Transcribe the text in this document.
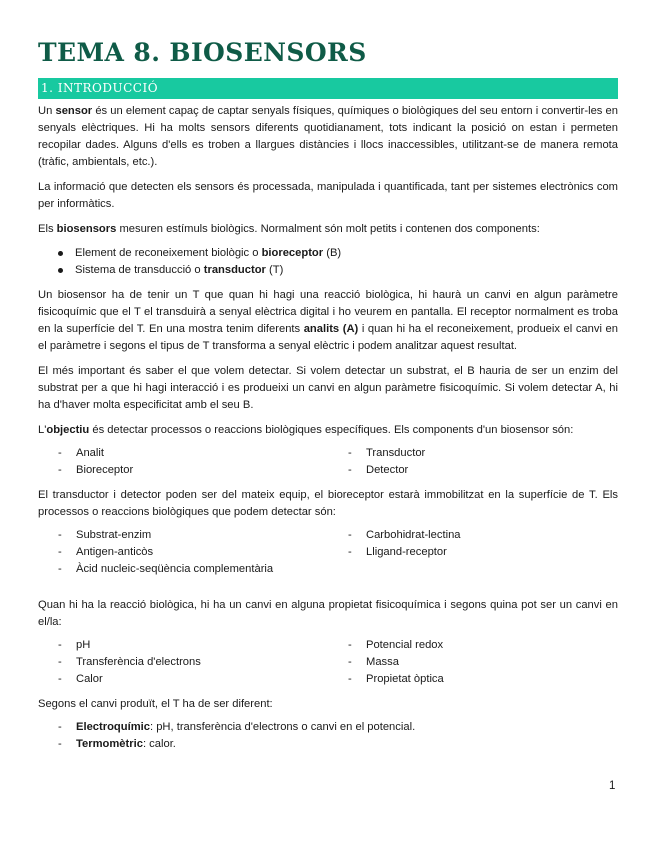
TEMA 8. BIOSENSORS
1. INTRODUCCIÓ

Un sensor és un element capaç de captar senyals físiques, químiques o biològiques del seu entorn i convertir-les en senyals elèctriques. Hi ha molts sensors diferents quotidianament, tots indicant la posició on estan i permeten recopilar dades. Alguns d'ells es troben a llargues distàncies i llocs inaccessibles, utilitzant-se de manera remota (tràfic, ambientals, etc.).

La informació que detecten els sensors és processada, manipulada i quantificada, tant per sistemes electrònics com per informàtics.

Els biosensors mesuren estímuls biològics. Normalment són molt petits i contenen dos components:

Element de reconeixement biològic o bioreceptor (B)
Sistema de transducció o transductor (T)

Un biosensor ha de tenir un T que quan hi hagi una reacció biològica, hi haurà un canvi en algun paràmetre fisicoquímic que el T el transduirà a senyal elèctrica digital i ho veurem en pantalla. El receptor normalment es troba en la superfície del T. En una mostra tenim diferents analits (A) i quan hi ha el reconeixement, produeix el canvi en el paràmetre i segons el tipus de T transforma a senyal elèctric i podem analitzar aquest resultat.

El més important és saber el que volem detectar. Si volem detectar un substrat, el B hauria de ser un enzim del substrat per a que hi hagi interacció i es produeixi un canvi en algun paràmetre fisicoquímic. Si volem detectar A, hi ha d'haver molta especificitat amb el seu B.

L'objectiu és detectar processos o reaccions biològiques específiques. Els components d'un biosensor són:

- Analit
- Bioreceptor
- Transductor
- Detector

El transductor i detector poden ser del mateix equip, el bioreceptor estarà immobilitzat en la superfície de T. Els processos o reaccions biològiques que podem detectar són:

- Substrat-enzim
- Antigen-anticòs
- Àcid nucleic-seqüència complementària
- Carbohidrat-lectina
- Lligand-receptor

Quan hi ha la reacció biològica, hi ha un canvi en alguna propietat fisicoquímica i segons quina pot ser un canvi en el/la:

- pH
- Transferència d'electrons
- Calor
- Potencial redox
- Massa
- Propietat òptica

Segons el canvi produït, el T ha de ser diferent:

- Electroquímic: pH, transferència d'electrons o canvi en el potencial.
- Termomètric: calor.
1
